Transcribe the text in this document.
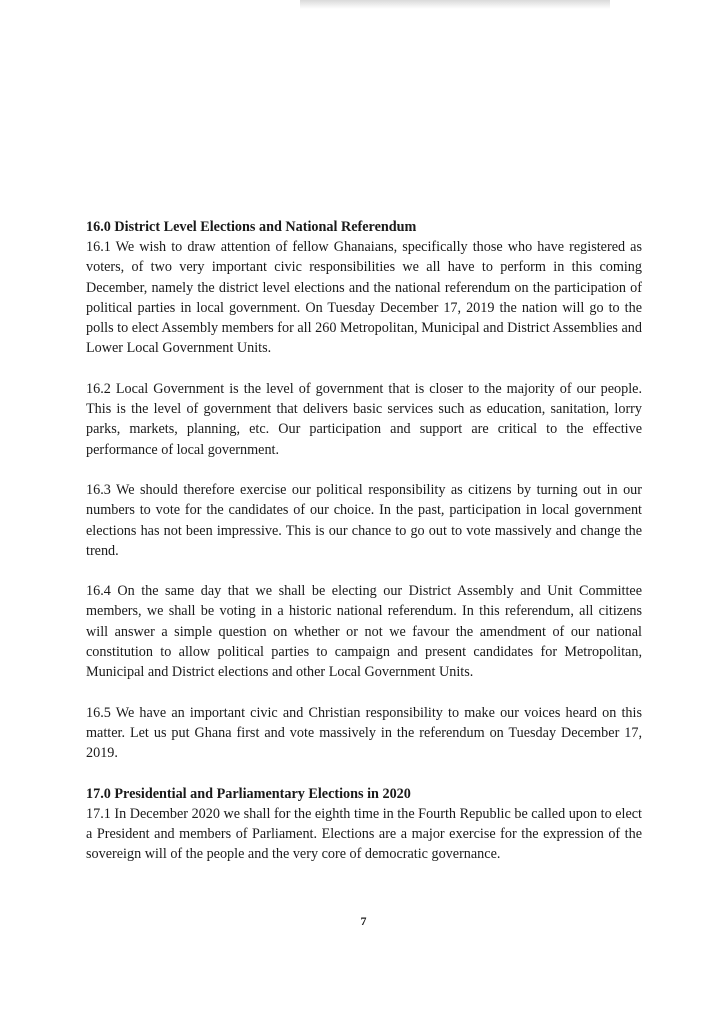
16.0 District Level Elections and National Referendum

16.1 We wish to draw attention of fellow Ghanaians, specifically those who have registered as voters, of two very important civic responsibilities we all have to perform in this coming December, namely the district level elections and the national referendum on the participation of political parties in local government. On Tuesday December 17, 2019 the nation will go to the polls to elect Assembly members for all 260 Metropolitan, Municipal and District Assemblies and Lower Local Government Units.

16.2 Local Government is the level of government that is closer to the majority of our people. This is the level of government that delivers basic services such as education, sanitation, lorry parks, markets, planning, etc. Our participation and support are critical to the effective performance of local government.

16.3 We should therefore exercise our political responsibility as citizens by turning out in our numbers to vote for the candidates of our choice. In the past, participation in local government elections has not been impressive. This is our chance to go out to vote massively and change the trend.

16.4 On the same day that we shall be electing our District Assembly and Unit Committee members, we shall be voting in a historic national referendum. In this referendum, all citizens will answer a simple question on whether or not we favour the amendment of our national constitution to allow political parties to campaign and present candidates for Metropolitan, Municipal and District elections and other Local Government Units.

16.5 We have an important civic and Christian responsibility to make our voices heard on this matter. Let us put Ghana first and vote massively in the referendum on Tuesday December 17, 2019.

17.0 Presidential and Parliamentary Elections in 2020

17.1 In December 2020 we shall for the eighth time in the Fourth Republic be called upon to elect a President and members of Parliament. Elections are a major exercise for the expression of the sovereign will of the people and the very core of democratic governance.

7
